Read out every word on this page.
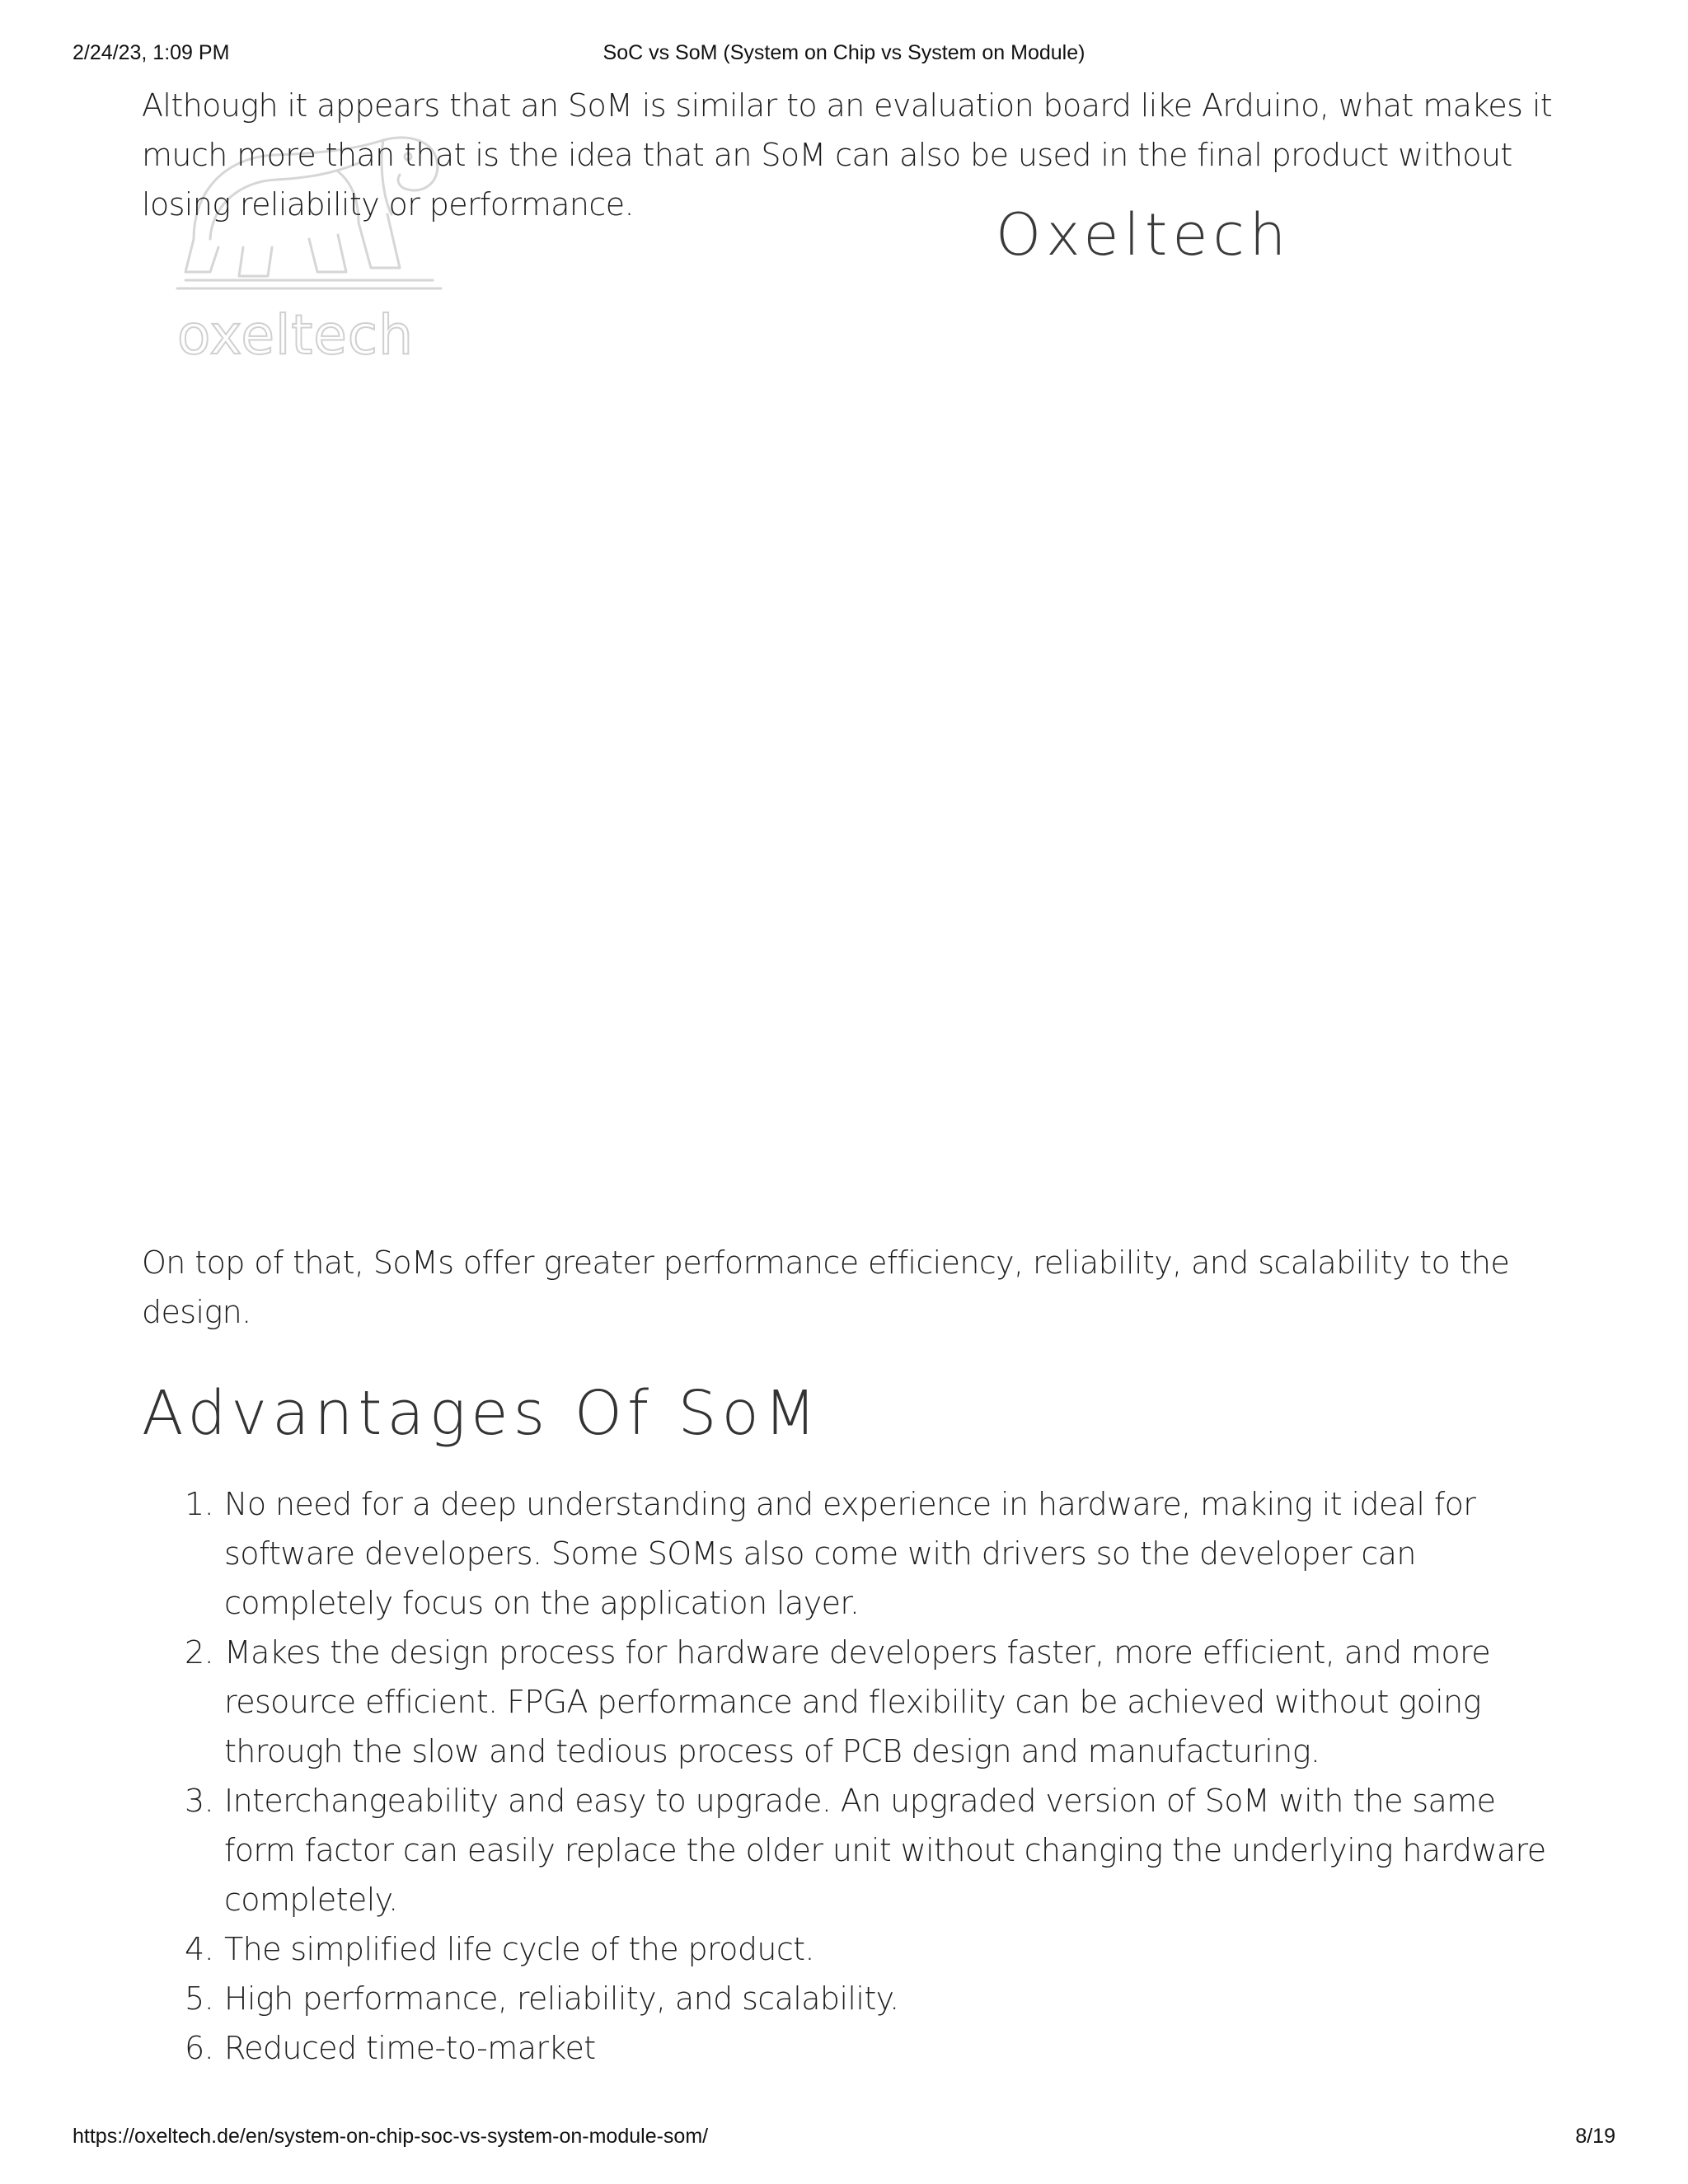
2/24/23, 1:09 PM	SoC vs SoM (System on Chip vs System on Module)
oxeltech

Although it appears that an SoM is similar to an evaluation board like Arduino, what makes it much more than that is the idea that an SoM can also be used in the final product without losing reliability or performance.	Oxeltech

On top of that, SoMs offer greater performance efficiency, reliability, and scalability to the design.

Advantages Of SoM
1. No need for a deep understanding and experience in hardware, making it ideal for software developers. Some SOMs also come with drivers so the developer can completely focus on the application layer.
2. Makes the design process for hardware developers faster, more efficient, and more resource efficient. FPGA performance and flexibility can be achieved without going through the slow and tedious process of PCB design and manufacturing.
3. Interchangeability and easy to upgrade. An upgraded version of SoM with the same form factor can easily replace the older unit without changing the underlying hardware completely.
4. The simplified life cycle of the product.
5. High performance, reliability, and scalability.
6. Reduced time-to-market
https://oxeltech.de/en/system-on-chip-soc-vs-system-on-module-som/	8/19
